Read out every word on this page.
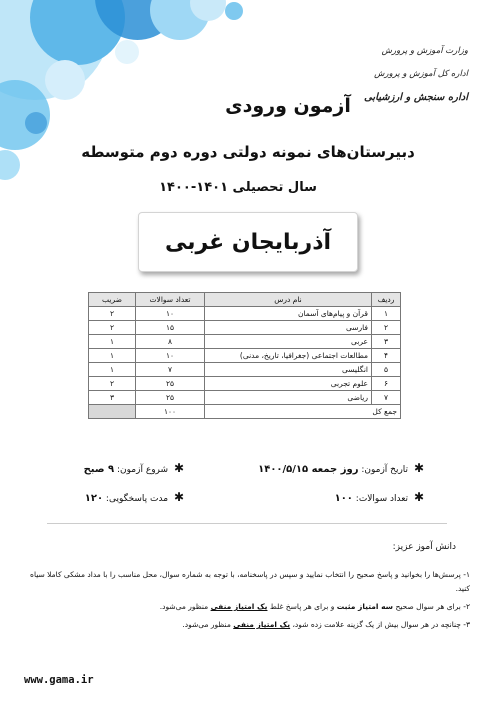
وزارت آموزش و پرورش
اداره کل آموزش و پرورش
اداره سنجش و ارزشیابی
آزمون ورودی
دبیرستان‌های نمونه دولتی دوره دوم متوسطه
سال تحصیلی ۱۴۰۱-۱۴۰۰
آذربایجان غربی
ردیف	نام درس	تعداد سوالات	ضریب
۱	قرآن و پیام‌های آسمان	۱۰	۲
۲	فارسی	۱۵	۲
۳	عربی	۸	۱
۴	مطالعات اجتماعی (جغرافیا، تاریخ، مدنی)	۱۰	۱
۵	انگلیسی	۷	۱
۶	علوم تجربی	۲۵	۲
۷	ریاضی	۲۵	۳
جمع کل		۱۰۰	
✱ تاریخ آزمون: روز جمعه ۱۴۰۰/۵/۱۵
✱ شروع آزمون: ۹ صبح
✱ تعداد سوالات: ۱۰۰
✱ مدت پاسخگویی: ۱۲۰
دانش آموز عزیز:

۱- پرسش‌ها را بخوانید و پاسخ صحیح را انتخاب نمایید و سپس در پاسخنامه، با توجه به شماره سوال، محل مناسب را با مداد مشکی کاملا سیاه کنید.

۲- برای هر سوال صحیح سه امتیاز مثبت و برای هر پاسخ غلط یک امتیاز منفی منظور می‌شود.

۳- چنانچه در هر سوال بیش از یک گزینه علامت زده شود، یک امتیاز منفی منظور می‌شود.

www.gama.ir
